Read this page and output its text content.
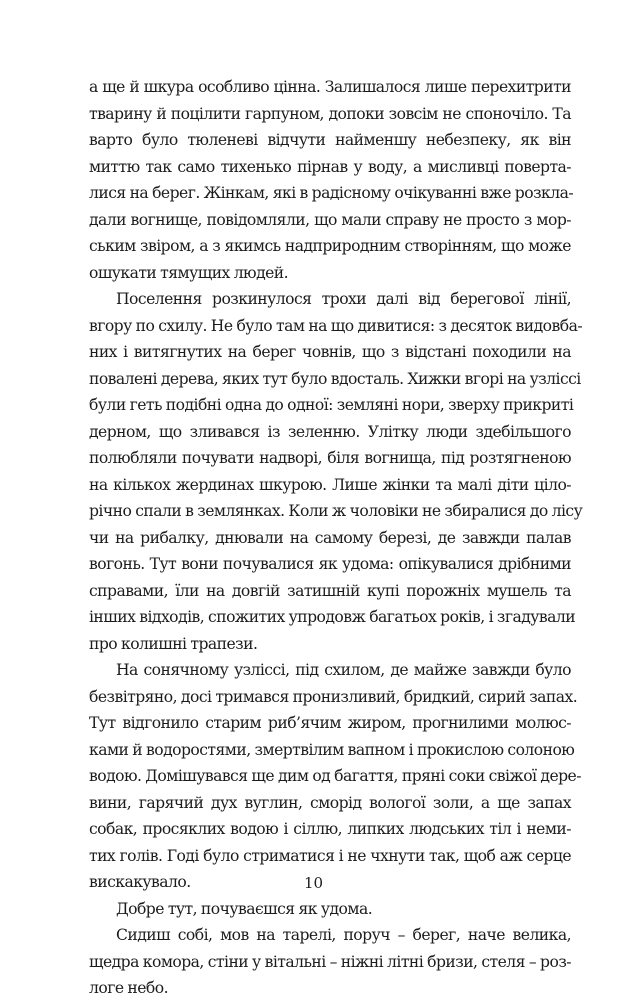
а ще й шкура особливо цінна. Залишалося лише перехитрити
тварину й поцілити гарпуном, допоки зовсім не споночіло. Та
варто було тюленеві відчути найменшу небезпеку, як він
миттю так само тихенько пірнав у воду, а мисливці поверта-
лися на берег. Жінкам, які в радісному очікуванні вже розкла-
дали вогнище, повідомляли, що мали справу не просто з мор-
ським звіром, а з якимсь надприродним створінням, що може
ошукати тямущих людей.
Поселення розкинулося трохи далі від берегової лінії,
вгору по схилу. Не було там на що дивитися: з десяток видовба-
них і витягнутих на берег човнів, що з відстані походили на
повалені дерева, яких тут було вдосталь. Хижки вгорі на узліссі
були геть подібні одна до одної: земляні нори, зверху прикриті
дерном, що зливався із зеленню. Улітку люди здебільшого
полюбляли почувати надворі, біля вогнища, під розтягненою
на кількох жердинах шкурою. Лише жінки та малі діти цілo-
річно спали в землянках. Коли ж чоловіки не збиралися до лісу
чи на рибалку, днювали на самому березі, де завжди палав
вогонь. Тут вони почувалися як удома: опікувалися дрібними
справами, їли на довгій затишній купі порожніх мушель та
інших відходів, спожитих упродовж багатьох років, і згадували
про колишні трапези.
На сонячному узліссі, під схилом, де майже завжди було
безвітряно, досі тримався пронизливий, бридкий, сирий запах.
Тут відгонило старим риб’ячим жиром, прогнилими молюс-
ками й водоростями, змертвілим вапном і прокислою солоною
водою. Домішувався ще дим од багаття, пряні соки свіжої дере-
вини, гарячий дух вуглин, сморід вологої золи, а ще запах
собак, просяклих водою і сіллю, липких людських тіл і неми-
тих голів. Годі було стриматися і не чхнути так, щоб аж серце
вискакувало.
Добре тут, почуваєшся як удома.
Сидиш собі, мов на тарелі, поруч – берег, наче велика,
щедра комора, стіни у вітальні – ніжні літні бризи, стеля – роз-
логе небо.
10
